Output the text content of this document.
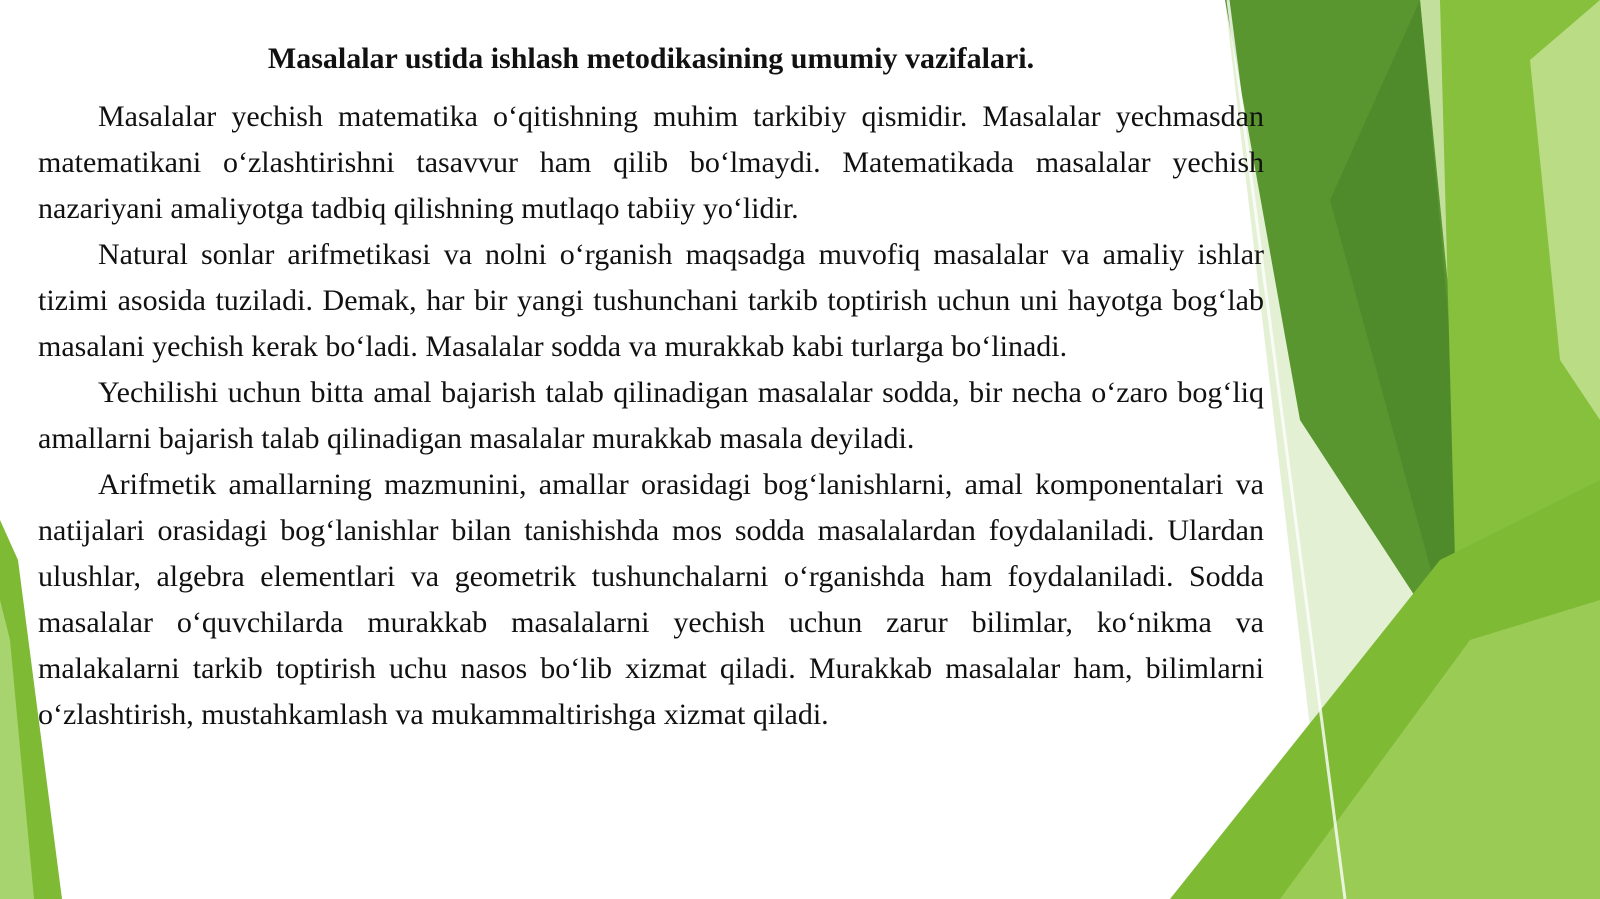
Masalalar ustida ishlash metodikasining umumiy vazifalari.

Masalalar yechish matematika oʻqitishning muhim tarkibiy qismidir. Masalalar yechmasdan matematikani oʻzlashtirishni tasavvur ham qilib boʻlmaydi. Matematikada masalalar yechish nazariyani amaliyotga tadbiq qilishning mutlaqo tabiiy yoʻlidir.

Natural sonlar arifmetikasi va nolni oʻrganish maqsadga muvofiq masalalar va amaliy ishlar tizimi asosida tuziladi. Demak, har bir yangi tushunchani tarkib toptirish uchun uni hayotga bogʻlab masalani yechish kerak boʻladi. Masalalar sodda va murakkab kabi turlarga boʻlinadi.

Yechilishi uchun bitta amal bajarish talab qilinadigan masalalar sodda, bir necha oʻzaro bogʻliq amallarni bajarish talab qilinadigan masalalar murakkab masala deyiladi.

Arifmetik amallarning mazmunini, amallar orasidagi bogʻlanishlarni, amal komponentalari va natijalari orasidagi bogʻlanishlar bilan tanishishda mos sodda masalalardan foydalaniladi. Ulardan ulushlar, algebra elementlari va geometrik tushunchalarni oʻrganishda ham foydalaniladi. Sodda masalalar oʻquvchilarda murakkab masalalarni yechish uchun zarur bilimlar, koʻnikma va malakalarni tarkib toptirish uchu nasos boʻlib xizmat qiladi. Murakkab masalalar ham, bilimlarni oʻzlashtirish, mustahkamlash va mukammaltirishga xizmat qiladi.
